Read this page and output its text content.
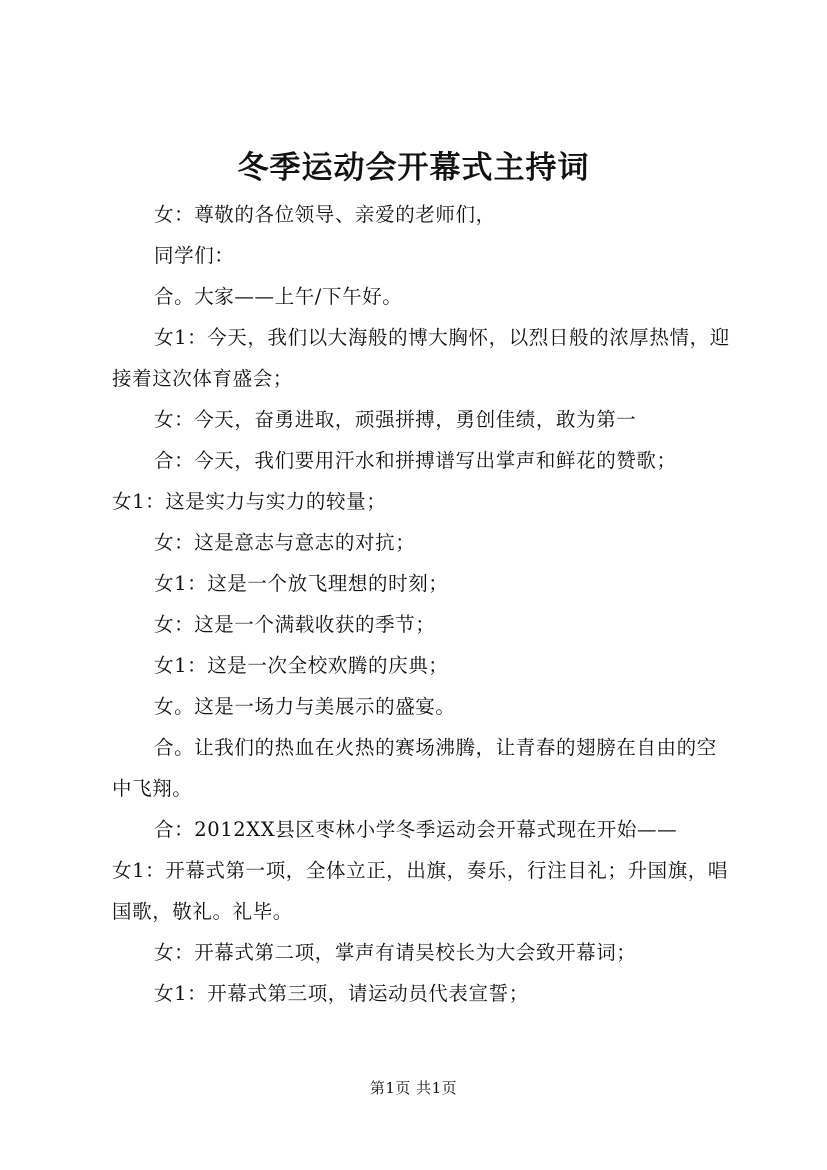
冬季运动会开幕式主持词

女：尊敬的各位领导、亲爱的老师们，

同学们：

合。大家——上午/下午好。

女1：今天，我们以大海般的博大胸怀，以烈日般的浓厚热情，迎接着这次体育盛会；

女：今天，奋勇进取，顽强拼搏，勇创佳绩，敢为第一

合：今天，我们要用汗水和拼搏谱写出掌声和鲜花的赞歌；

女1：这是实力与实力的较量；

女：这是意志与意志的对抗；

女1：这是一个放飞理想的时刻；

女：这是一个满载收获的季节；

女1：这是一次全校欢腾的庆典；

女。这是一场力与美展示的盛宴。

合。让我们的热血在火热的赛场沸腾，让青春的翅膀在自由的空中飞翔。

合：2012XX县区枣林小学冬季运动会开幕式现在开始——

女1：开幕式第一项，全体立正，出旗，奏乐，行注目礼；升国旗，唱国歌，敬礼。礼毕。

女：开幕式第二项，掌声有请吴校长为大会致开幕词；

女1：开幕式第三项，请运动员代表宣誓；

第1页 共1页
